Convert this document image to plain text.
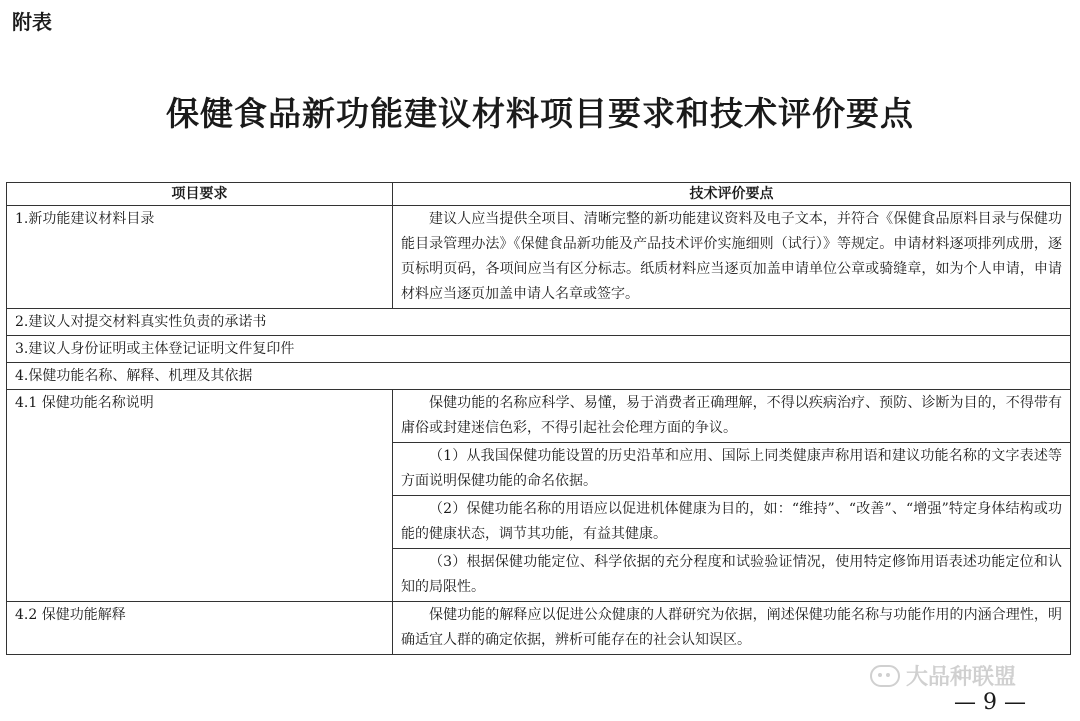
附表
保健食品新功能建议材料项目要求和技术评价要点
项目要求	技术评价要点
1.新功能建议材料目录	建议人应当提供全项目、清晰完整的新功能建议资料及电子文本，并符合《保健食品原料目录与保健功能目录管理办法》《保健食品新功能及产品技术评价实施细则（试行）》等规定。申请材料逐项排列成册，逐页标明页码，各项间应当有区分标志。纸质材料应当逐页加盖申请单位公章或骑缝章，如为个人申请，申请材料应当逐页加盖申请人名章或签字。
2.建议人对提交材料真实性负责的承诺书	
3.建议人身份证明或主体登记证明文件复印件	
4.保健功能名称、解释、机理及其依据	
4.1 保健功能名称说明	保健功能的名称应科学、易懂，易于消费者正确理解，不得以疾病治疗、预防、诊断为目的，不得带有庸俗或封建迷信色彩，不得引起社会伦理方面的争议。
	（1）从我国保健功能设置的历史沿革和应用、国际上同类健康声称用语和建议功能名称的文字表述等方面说明保健功能的命名依据。
	（2）保健功能名称的用语应以促进机体健康为目的，如：“维持”、“改善”、“增强”特定身体结构或功能的健康状态，调节其功能，有益其健康。
	（3）根据保健功能定位、科学依据的充分程度和试验验证情况，使用特定修饰用语表述功能定位和认知的局限性。
4.2 保健功能解释	保健功能的解释应以促进公众健康的人群研究为依据，阐述保健功能名称与功能作用的内涵合理性，明确适宜人群的确定依据，辨析可能存在的社会认知误区。
大品种联盟
— 9 —
